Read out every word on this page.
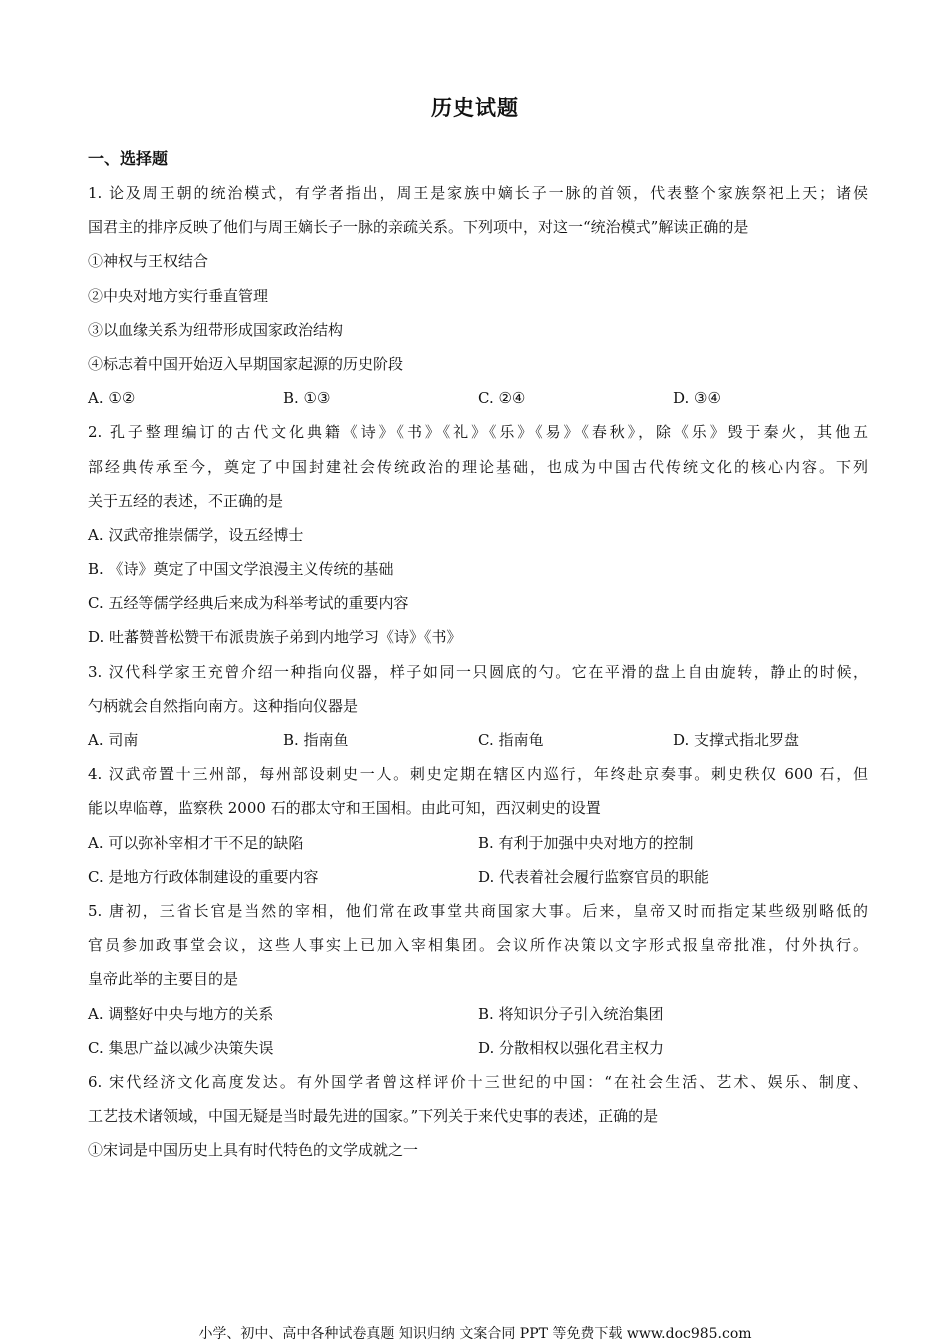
历史试题
一、选择题
1. 论及周王朝的统治模式，有学者指出，周王是家族中嫡长子一脉的首领，代表整个家族祭祀上天；诸侯
国君主的排序反映了他们与周王嫡长子一脉的亲疏关系。下列项中，对这一“统治模式”解读正确的是
①神权与王权结合
②中央对地方实行垂直管理
③以血缘关系为纽带形成国家政治结构
④标志着中国开始迈入早期国家起源的历史阶段
A. ①②	B. ①③	C. ②④	D. ③④
2. 孔子整理编订的古代文化典籍《诗》《书》《礼》《乐》《易》《春秋》，除《乐》毁于秦火，其他五
部经典传承至今，奠定了中国封建社会传统政治的理论基础，也成为中国古代传统文化的核心内容。下列
关于五经的表述，不正确的是
A. 汉武帝推崇儒学，设五经博士
B. 《诗》奠定了中国文学浪漫主义传统的基础
C. 五经等儒学经典后来成为科举考试的重要内容
D. 吐蕃赞普松赞干布派贵族子弟到内地学习《诗》《书》
3. 汉代科学家王充曾介绍一种指向仪器，样子如同一只圆底的勺。它在平滑的盘上自由旋转，静止的时候，
勺柄就会自然指向南方。这种指向仪器是
A. 司南	B. 指南鱼	C. 指南龟	D. 支撑式指北罗盘
4. 汉武帝置十三州部，每州部设刺史一人。刺史定期在辖区内巡行，年终赴京奏事。刺史秩仅 600 石，但
能以卑临尊，监察秩 2000 石的郡太守和王国相。由此可知，西汉刺史的设置
A. 可以弥补宰相才干不足的缺陷	B. 有利于加强中央对地方的控制
C. 是地方行政体制建设的重要内容	D. 代表着社会履行监察官员的职能
5. 唐初，三省长官是当然的宰相，他们常在政事堂共商国家大事。后来，皇帝又时而指定某些级别略低的
官员参加政事堂会议，这些人事实上已加入宰相集团。会议所作决策以文字形式报皇帝批准，付外执行。
皇帝此举的主要目的是
A. 调整好中央与地方的关系	B. 将知识分子引入统治集团
C. 集思广益以减少决策失误	D. 分散相权以强化君主权力
6. 宋代经济文化高度发达。有外国学者曾这样评价十三世纪的中国：“在社会生活、艺术、娱乐、制度、
工艺技术诸领域，中国无疑是当时最先进的国家。”下列关于来代史事的表述，正确的是
①宋词是中国历史上具有时代特色的文学成就之一
小学、初中、高中各种试卷真题 知识归纳 文案合同 PPT 等免费下载 www.doc985.com
